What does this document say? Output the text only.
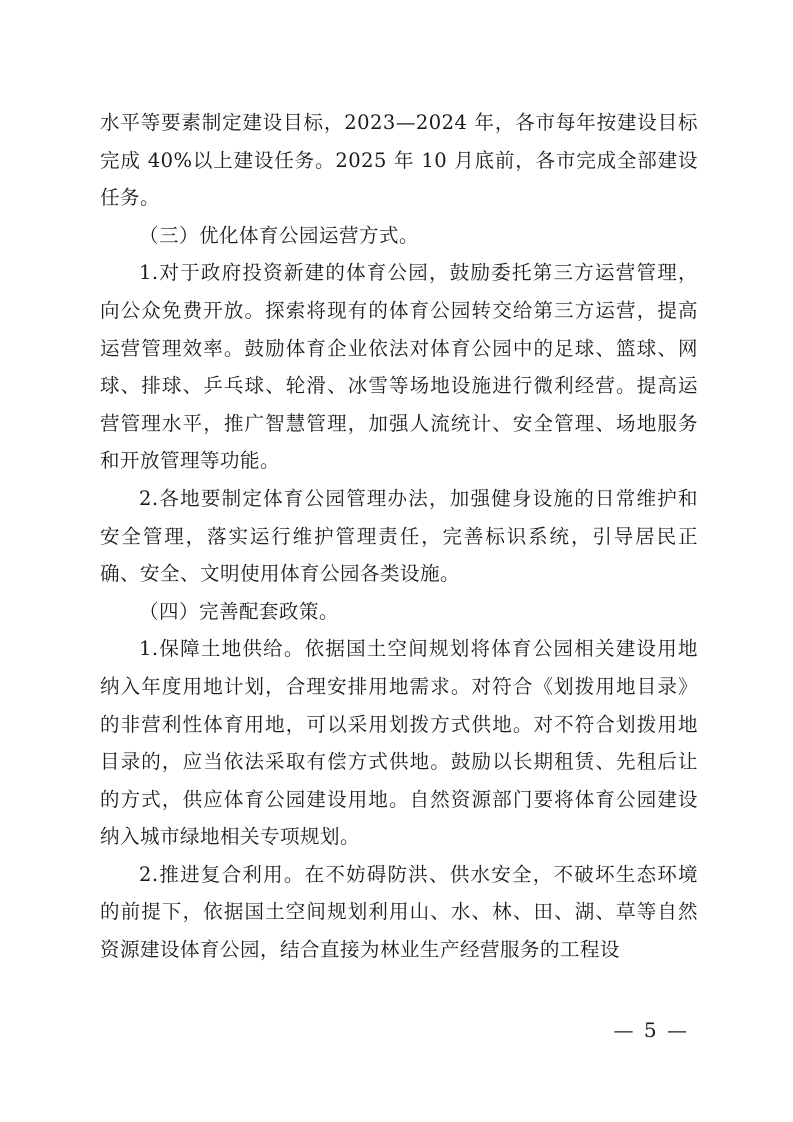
水平等要素制定建设目标，2023—2024 年，各市每年按建设目标完成 40%以上建设任务。2025 年 10 月底前，各市完成全部建设任务。

（三）优化体育公园运营方式。

1.对于政府投资新建的体育公园，鼓励委托第三方运营管理，向公众免费开放。探索将现有的体育公园转交给第三方运营，提高运营管理效率。鼓励体育企业依法对体育公园中的足球、篮球、网球、排球、乒乓球、轮滑、冰雪等场地设施进行微利经营。提高运营管理水平，推广智慧管理，加强人流统计、安全管理、场地服务和开放管理等功能。

2.各地要制定体育公园管理办法，加强健身设施的日常维护和安全管理，落实运行维护管理责任，完善标识系统，引导居民正确、安全、文明使用体育公园各类设施。

（四）完善配套政策。

1.保障土地供给。依据国土空间规划将体育公园相关建设用地纳入年度用地计划，合理安排用地需求。对符合《划拨用地目录》的非营利性体育用地，可以采用划拨方式供地。对不符合划拨用地目录的，应当依法采取有偿方式供地。鼓励以长期租赁、先租后让的方式，供应体育公园建设用地。自然资源部门要将体育公园建设纳入城市绿地相关专项规划。

2.推进复合利用。在不妨碍防洪、供水安全，不破坏生态环境的前提下，依据国土空间规划利用山、水、林、田、湖、草等自然资源建设体育公园，结合直接为林业生产经营服务的工程设

— 5 —
